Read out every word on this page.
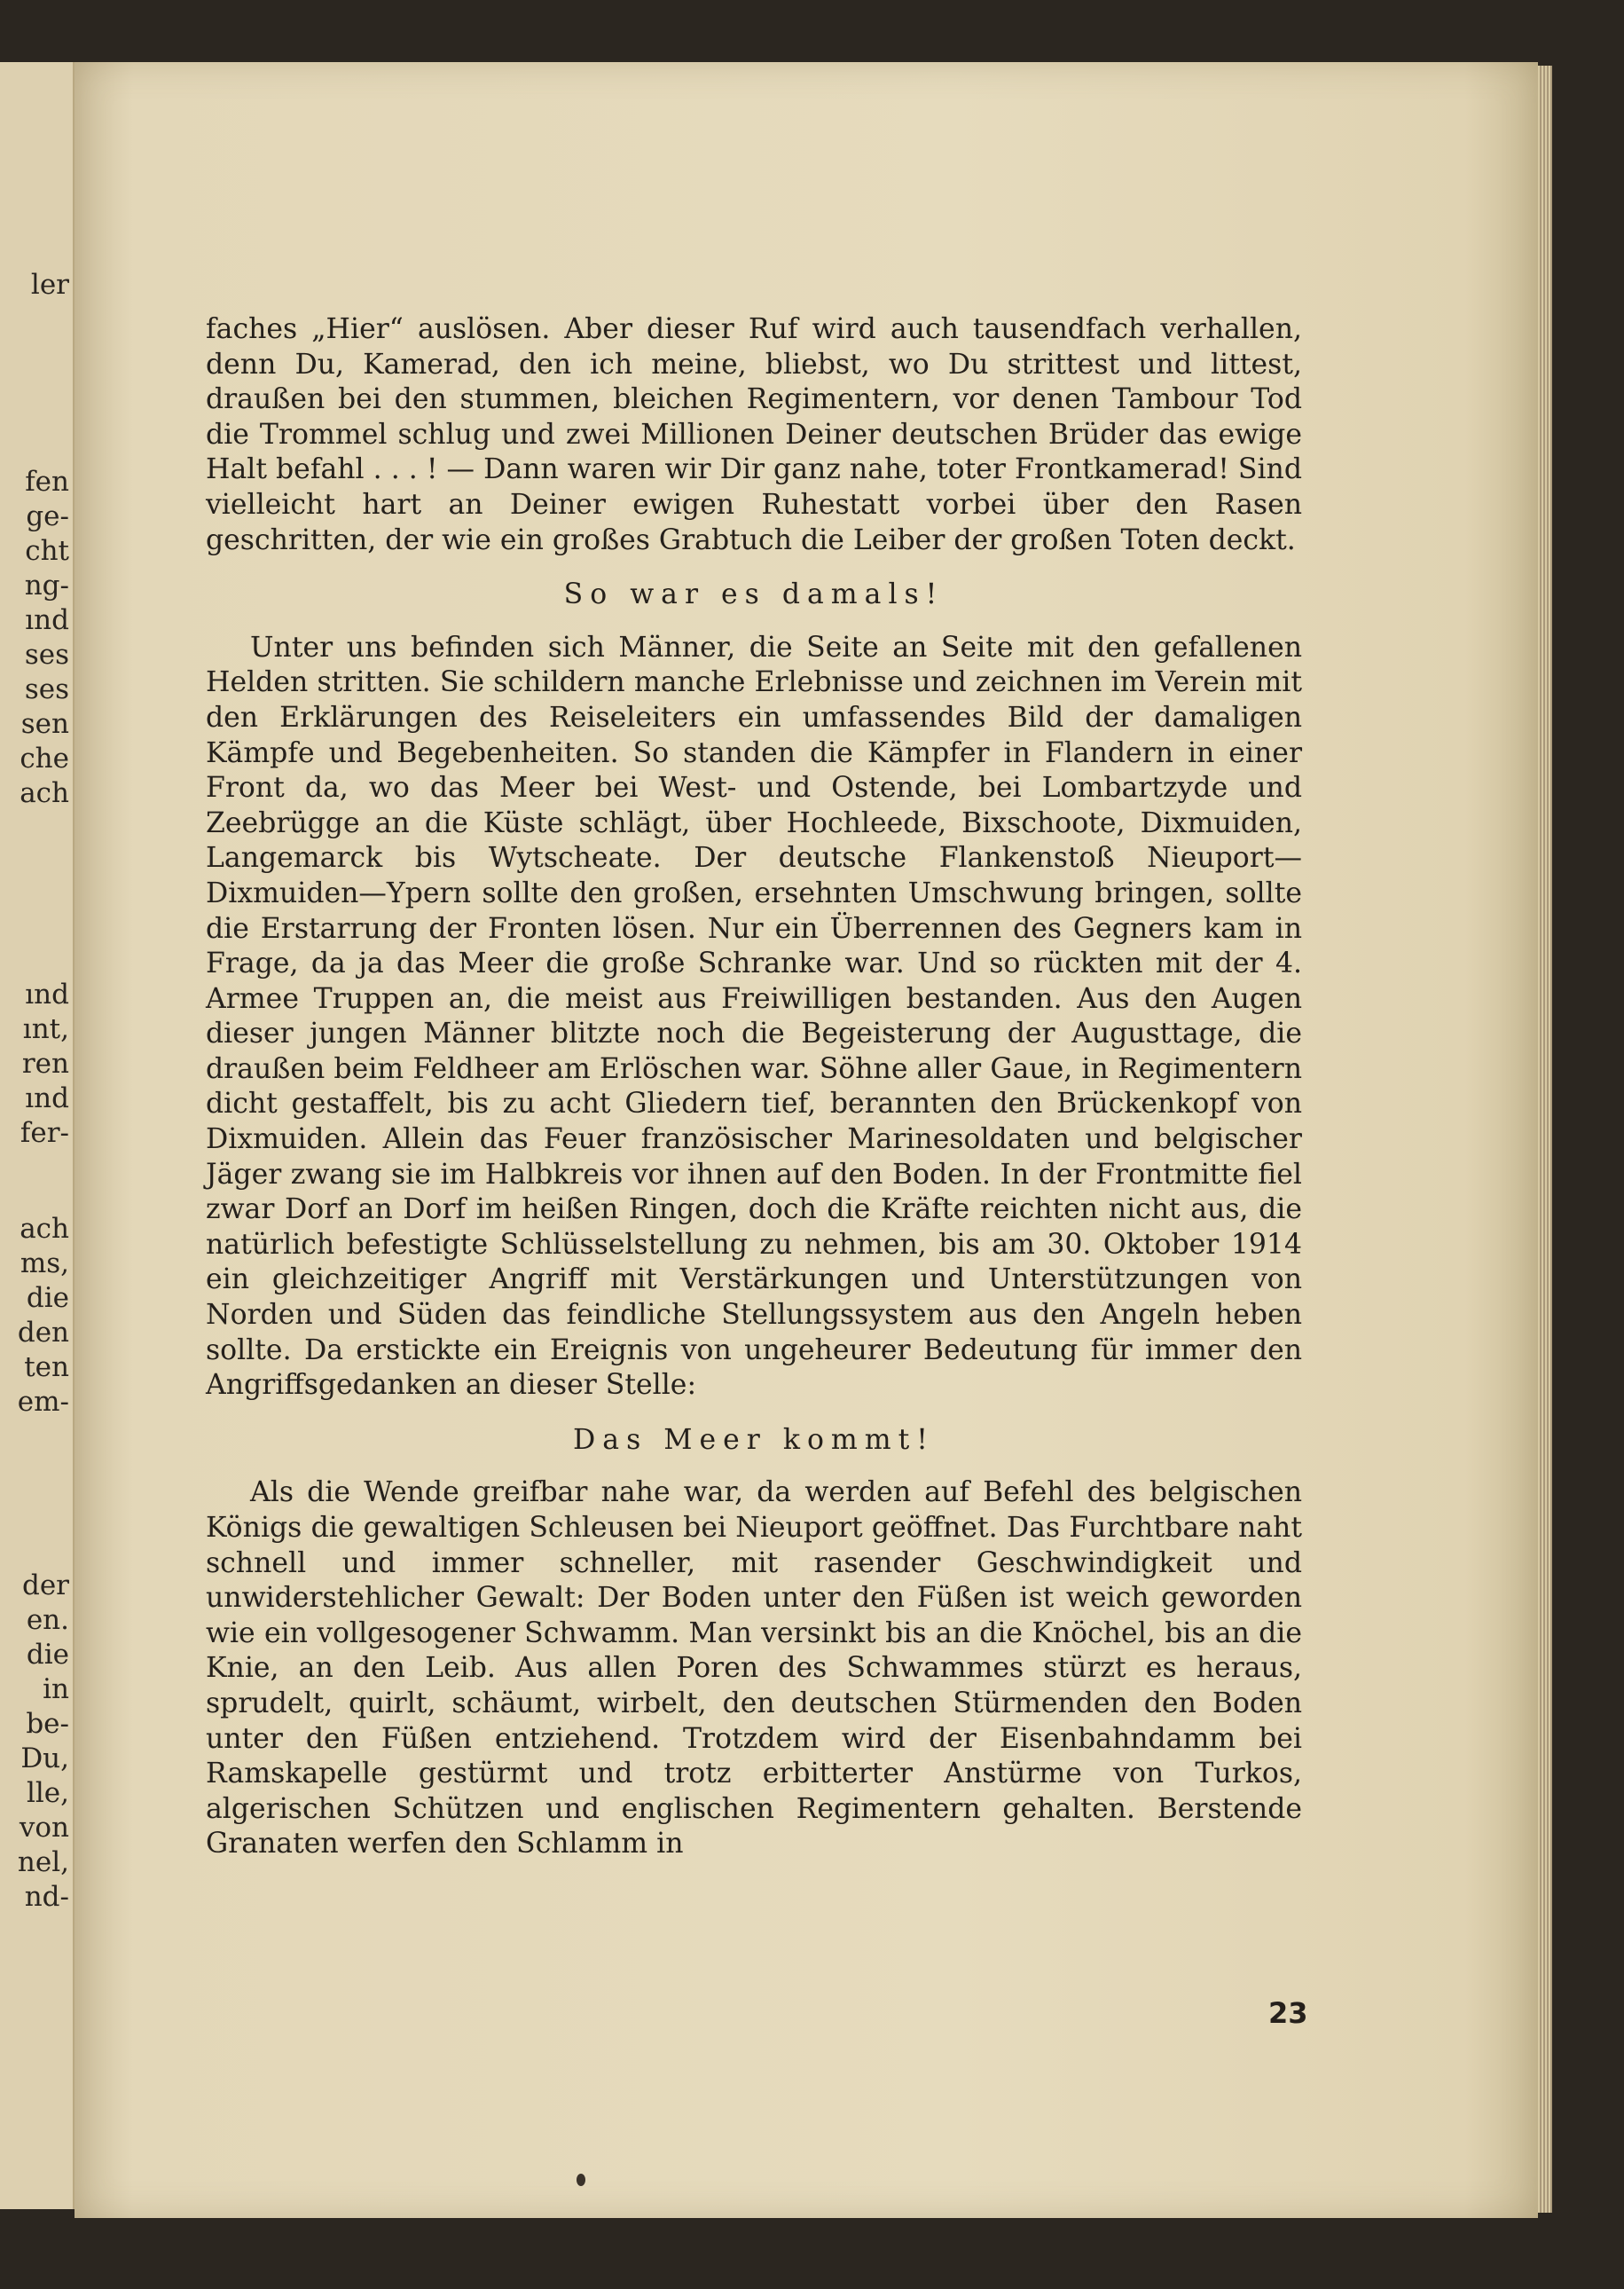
ler
fen
ge-
cht
ng-
ınd
ses
ses
sen
che
ach
ınd
ınt,
ren
ınd
fer-
ach
ms,
die
den
ten
em-
der
en.
die
in
be-
Du,
lle,
von
nel,
nd-

faches „Hier“ auslösen. Aber dieser Ruf wird auch tausendfach verhallen, denn Du, Kamerad, den ich meine, bliebst, wo Du strittest und littest, draußen bei den stummen, bleichen Regimentern, vor denen Tambour Tod die Trommel schlug und zwei Millionen Deiner deutschen Brüder das ewige Halt befahl . . . ! — Dann waren wir Dir ganz nahe, toter Frontkamerad! Sind vielleicht hart an Deiner ewigen Ruhestatt vorbei über den Rasen geschritten, der wie ein großes Grabtuch die Leiber der großen Toten deckt.

So war es damals!

Unter uns befinden sich Männer, die Seite an Seite mit den gefallenen Helden stritten. Sie schildern manche Erlebnisse und zeichnen im Verein mit den Erklärungen des Reiseleiters ein umfassendes Bild der damaligen Kämpfe und Begebenheiten. So standen die Kämpfer in Flandern in einer Front da, wo das Meer bei West- und Ostende, bei Lombartzyde und Zeebrügge an die Küste schlägt, über Hochleede, Bixschoote, Dixmuiden, Langemarck bis Wytscheate. Der deutsche Flankenstoß Nieuport—Dixmuiden—Ypern sollte den großen, ersehnten Umschwung bringen, sollte die Erstarrung der Fronten lösen. Nur ein Überrennen des Gegners kam in Frage, da ja das Meer die große Schranke war. Und so rückten mit der 4. Armee Truppen an, die meist aus Freiwilligen bestanden. Aus den Augen dieser jungen Männer blitzte noch die Begeisterung der Augusttage, die draußen beim Feldheer am Erlöschen war. Söhne aller Gaue, in Regimentern dicht gestaffelt, bis zu acht Gliedern tief, berannten den Brückenkopf von Dixmuiden. Allein das Feuer französischer Marinesoldaten und belgischer Jäger zwang sie im Halbkreis vor ihnen auf den Boden. In der Frontmitte fiel zwar Dorf an Dorf im heißen Ringen, doch die Kräfte reichten nicht aus, die natürlich befestigte Schlüsselstellung zu nehmen, bis am 30. Oktober 1914 ein gleichzeitiger Angriff mit Verstärkungen und Unterstützungen von Norden und Süden das feindliche Stellungssystem aus den Angeln heben sollte. Da erstickte ein Ereignis von ungeheurer Bedeutung für immer den Angriffsgedanken an dieser Stelle:

Das Meer kommt!

Als die Wende greifbar nahe war, da werden auf Befehl des belgischen Königs die gewaltigen Schleusen bei Nieuport geöffnet. Das Furchtbare naht schnell und immer schneller, mit rasender Geschwindigkeit und unwiderstehlicher Gewalt: Der Boden unter den Füßen ist weich geworden wie ein vollgesogener Schwamm. Man versinkt bis an die Knöchel, bis an die Knie, an den Leib. Aus allen Poren des Schwammes stürzt es heraus, sprudelt, quirlt, schäumt, wirbelt, den deutschen Stürmenden den Boden unter den Füßen entziehend. Trotzdem wird der Eisenbahndamm bei Ramskapelle gestürmt und trotz erbitterter Anstürme von Turkos, algerischen Schützen und englischen Regimentern gehalten. Berstende Granaten werfen den Schlamm in

23
